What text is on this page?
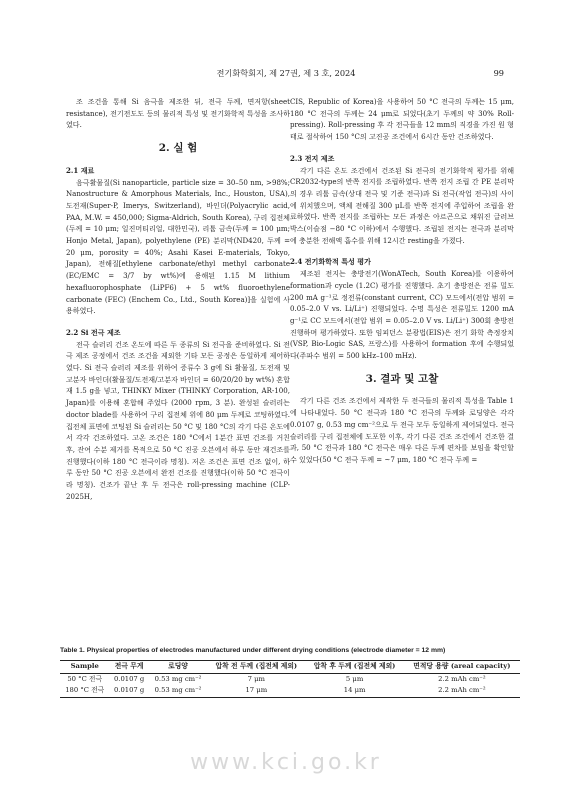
전기화학회지, 제 27권, 제 3 호, 2024	99

조 조건을 통해 Si 음극을 제조한 뒤, 전극 두께, 면저항(sheet resistance), 전기전도도 등의 물리적 특성 및 전기화학적 특성을 조사하였다.

2. 실 험

2.1 재료

음극활물질(Si nanoparticle, particle size = 30–50 nm, >98%; Nanostructure & Amorphous Materials, Inc., Houston, USA), 도전재(Super-P, Imerys, Switzerland), 바인더(Polyacrylic acid, PAA, M.W. = 450,000; Sigma-Aldrich, South Korea), 구리 집전체(두께 = 10 μm; 일진머티리얼, 대한민국), 리튬 금속(두께 = 100 μm; Honjo Metal, Japan), polyethylene (PE) 분리막(ND420, 두께 = 20 μm, porosity = 40%; Asahi Kasei E-materials, Tokyo, Japan), 전해질[ethylene carbonate/ethyl methyl carbonate (EC/EMC = 3/7 by wt%)에 용해된 1.15 M lithium hexafluorophosphate (LiPF6) + 5 wt% fluoroethylene carbonate (FEC) (Enchem Co., Ltd., South Korea)]을 실험에 사용하였다.

2.2 Si 전극 제조

전극 슬러리 건조 온도에 따른 두 종류의 Si 전극을 준비하였다. Si 전극 제조 공정에서 건조 조건을 제외한 기타 모든 공정은 동일하게 제어하였다. Si 전극 슬러리 제조를 위하여 증류수 3 g에 Si 활물질, 도전재 및 고분자 바인더(활물질/도전재/고분자 바인더 = 60/20/20 by wt%) 혼합재 1.5 g을 넣고, THINKY Mixer (THINKY Corporation, AR-100, Japan)를 이용해 혼합해 주었다 (2000 rpm, 3 분). 완성된 슬러리는 doctor blade를 사용하여 구리 집전체 위에 80 μm 두께로 코팅하였다. 집전체 표면에 코팅된 Si 슬러리는 50 °C 및 180 °C의 각기 다른 온도에서 각각 건조하였다. 고온 조건은 180 °C에서 1분간 표면 건조를 거친 후, 잔여 수분 제거를 목적으로 50 °C 진공 오븐에서 하루 동안 재건조를 진행했다(이하 180 °C 전극이라 명칭). 저온 조건은 표면 건조 없이, 하루 동안 50 °C 진공 오븐에서 완전 건조를 진행했다(이하 50 °C 전극이라 명칭). 건조가 끝난 후 두 전극은 roll-pressing machine (CLP-2025H,

CIS, Republic of Korea)을 사용하여 50 °C 전극의 두께는 15 μm, 180 °C 전극의 두께는 24 μm로 되었다(초기 두께의 약 30% Roll-pressing). Roll-pressing 후 각 전극들을 12 mm의 직경을 가진 원 형태로 절삭하여 150 °C의 고진공 조건에서 6시간 동안 건조하였다.

2.3 전지 제조

각기 다른 온도 조건에서 건조된 Si 전극의 전기화학적 평가를 위해 CR2032-type의 반쪽 전지를 조립하였다. 반쪽 전지 조립 간 PE 분리막의 경우 리튬 금속(상대 전극 및 기준 전극)과 Si 전극(작업 전극)의 사이에 위치했으며, 액체 전해질 300 μL를 반쪽 전지에 주입하여 조립을 완료하였다. 반쪽 전지를 조립하는 모든 과정은 아르곤으로 채워진 글러브 박스(이슬점 −80 °C 이하)에서 수행했다. 조립된 전지는 전극과 분리막에 충분한 전해액 흡수를 위해 12시간 resting을 가졌다.

2.4 전기화학적 특성 평가

제조된 전지는 충방전기(WonATech, South Korea)를 이용하여 formation과 cycle (1.2C) 평가를 진행했다. 초기 충방전은 전류 밀도 200 mA g⁻¹로 정전류(constant current, CC) 모드에서(전압 범위 = 0.05–2.0 V vs. Li/Li⁺) 진행되었다. 수명 특성은 전류밀도 1200 mA g⁻¹로 CC 모드에서(전압 범위 = 0.05–2.0 V vs. Li/Li⁺) 300회 충방전 진행하며 평가하였다. 또한 임피던스 분광법(EIS)은 전기 화학 측정장치(VSP, Bio-Logic SAS, 프랑스)를 사용하여 formation 후에 수행되었다(주파수 범위 = 500 kHz–100 mHz).

3. 결과 및 고찰

각기 다른 건조 조건에서 제작한 두 전극들의 물리적 특성을 Table 1에 나타내었다. 50 °C 전극과 180 °C 전극의 두께와 로딩양은 각각 0.0107 g, 0.53 mg cm⁻²으로 두 전극 모두 동일하게 제어되었다. 전극 슬러리를 구리 집전체에 도포한 이후, 각기 다른 건조 조건에서 건조한 결과, 50 °C 전극과 180 °C 전극은 매우 다른 두께 편차를 보임을 확인할 수 있었다(50 °C 전극 두께 = ~7 μm, 180 °C 전극 두께 =

Table 1. Physical properties of electrodes manufactured under different drying conditions (electrode diameter = 12 mm)
Sample	전극 무게	로딩양	압착 전 두께 (집전체 제외)	압착 후 두께 (집전체 제외)	면적당 용량 (areal capacity)
50 °C 전극	0.0107 g	0.53 mg cm⁻²	7 μm	5 μm	2.2 mAh cm⁻²
180 °C 전극	0.0107 g	0.53 mg cm⁻²	17 μm	14 μm	2.2 mAh cm⁻²
www.kci.go.kr
